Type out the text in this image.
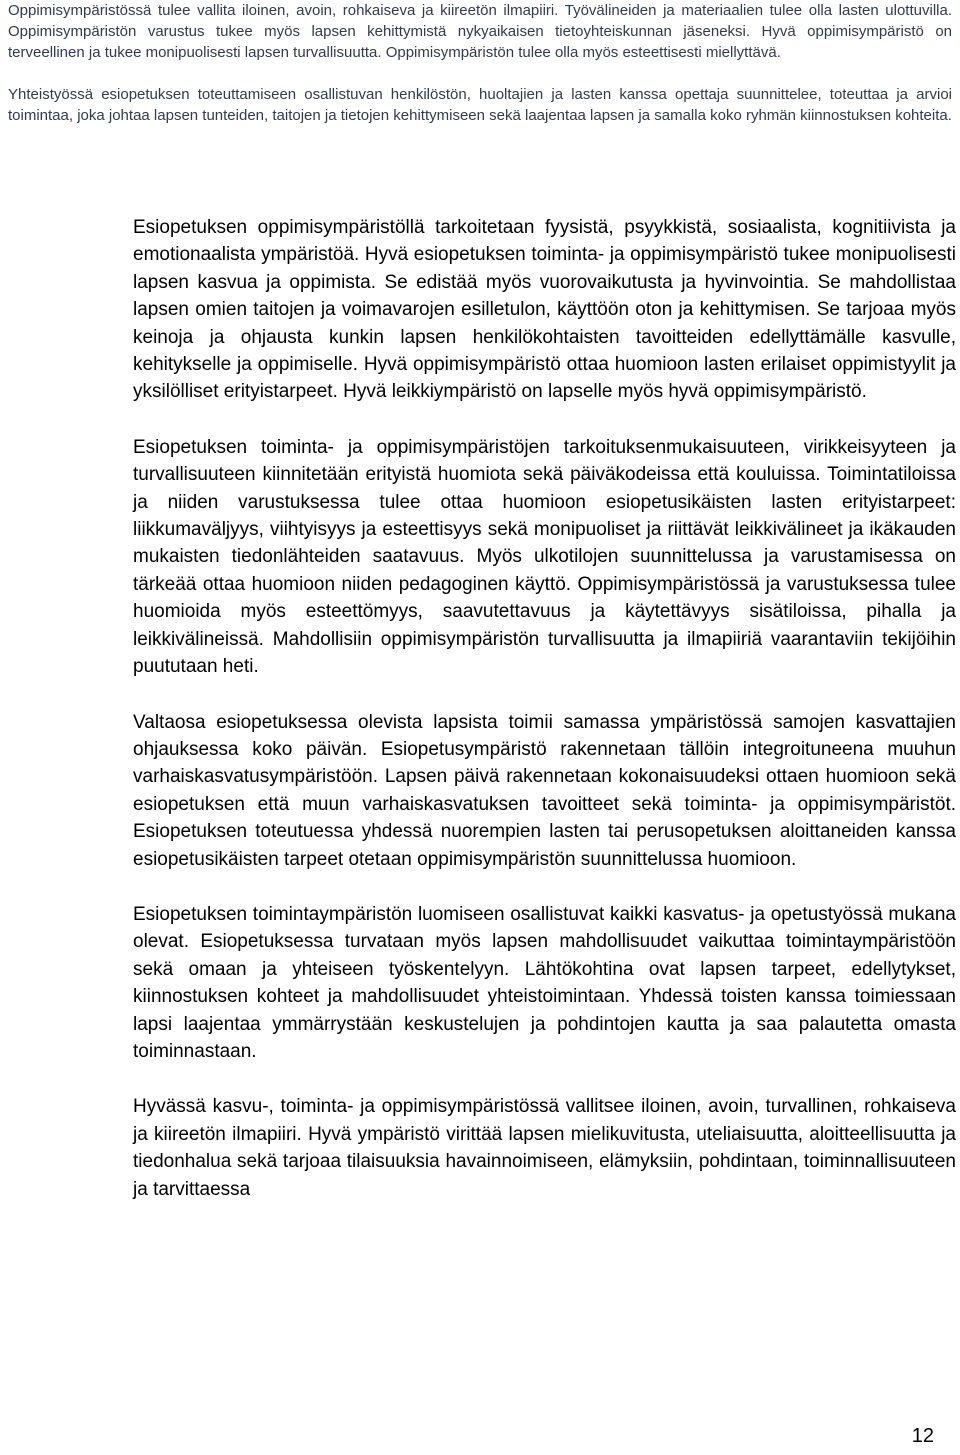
Oppimisympäristössä tulee vallita iloinen, avoin, rohkaiseva ja kiireetön ilmapiiri. Työvälineiden ja materiaalien tulee olla lasten ulottuvilla. Oppimisympäristön varustus tukee myös lapsen kehittymistä nykyaikaisen tietoyhteiskunnan jäseneksi. Hyvä oppimisympäristö on terveellinen ja tukee monipuolisesti lapsen turvallisuutta. Oppimisympäristön tulee olla myös esteettisesti miellyttävä.

Yhteistyössä esiopetuksen toteuttamiseen osallistuvan henkilöstön, huoltajien ja lasten kanssa opettaja suunnittelee, toteuttaa ja arvioi toimintaa, joka johtaa lapsen tunteiden, taitojen ja tietojen kehittymiseen sekä laajentaa lapsen ja samalla koko ryhmän kiinnostuksen kohteita.

Esiopetuksen oppimisympäristöllä tarkoitetaan fyysistä, psyykkistä, sosiaalista, kognitiivista ja emotionaalista ympäristöä. Hyvä esiopetuksen toiminta- ja oppimisympäristö tukee monipuolisesti lapsen kasvua ja oppimista. Se edistää myös vuorovaikutusta ja hyvinvointia. Se mahdollistaa lapsen omien taitojen ja voimavarojen esilletulon, käyttöön oton ja kehittymisen. Se tarjoaa myös keinoja ja ohjausta kunkin lapsen henkilökohtaisten tavoitteiden edellyttämälle kasvulle, kehitykselle ja oppimiselle. Hyvä oppimisympäristö ottaa huomioon lasten erilaiset oppimistyylit ja yksilölliset erityistarpeet. Hyvä leikkiympäristö on lapselle myös hyvä oppimisympäristö.

Esiopetuksen toiminta- ja oppimisympäristöjen tarkoituksenmukaisuuteen, virikkeisyyteen ja turvallisuuteen kiinnitetään erityistä huomiota sekä päiväkodeissa että kouluissa. Toimintatiloissa ja niiden varustuksessa tulee ottaa huomioon esiopetusikäisten lasten erityistarpeet: liikkumaväljyys, viihtyisyys ja esteettisyys sekä monipuoliset ja riittävät leikkivälineet ja ikäkauden mukaisten tiedonlähteiden saatavuus. Myös ulkotilojen suunnittelussa ja varustamisessa on tärkeää ottaa huomioon niiden pedagoginen käyttö. Oppimisympäristössä ja varustuksessa tulee huomioida myös esteettömyys, saavutettavuus ja käytettävyys sisätiloissa, pihalla ja leikkivälineissä. Mahdollisiin oppimisympäristön turvallisuutta ja ilmapiiriä vaarantaviin tekijöihin puututaan heti.

Valtaosa esiopetuksessa olevista lapsista toimii samassa ympäristössä samojen kasvattajien ohjauksessa koko päivän. Esiopetusympäristö rakennetaan tällöin integroituneena muuhun varhaiskasvatusympäristöön. Lapsen päivä rakennetaan kokonaisuudeksi ottaen huomioon sekä esiopetuksen että muun varhaiskasvatuksen tavoitteet sekä toiminta- ja oppimisympäristöt. Esiopetuksen toteutuessa yhdessä nuorempien lasten tai perusopetuksen aloittaneiden kanssa esiopetusikäisten tarpeet otetaan oppimisympäristön suunnittelussa huomioon.

Esiopetuksen toimintaympäristön luomiseen osallistuvat kaikki kasvatus- ja opetustyössä mukana olevat. Esiopetuksessa turvataan myös lapsen mahdollisuudet vaikuttaa toimintaympäristöön sekä omaan ja yhteiseen työskentelyyn. Lähtökohtina ovat lapsen tarpeet, edellytykset, kiinnostuksen kohteet ja mahdollisuudet yhteistoimintaan. Yhdessä toisten kanssa toimiessaan lapsi laajentaa ymmärrystään keskustelujen ja pohdintojen kautta ja saa palautetta omasta toiminnastaan.

Hyvässä kasvu-, toiminta- ja oppimisympäristössä vallitsee iloinen, avoin, turvallinen, rohkaiseva ja kiireetön ilmapiiri. Hyvä ympäristö virittää lapsen mielikuvitusta, uteliaisuutta, aloitteellisuutta ja tiedonhalua sekä tarjoaa tilaisuuksia havainnoimiseen, elämyksiin, pohdintaan, toiminnallisuuteen ja tarvittaessa

12
